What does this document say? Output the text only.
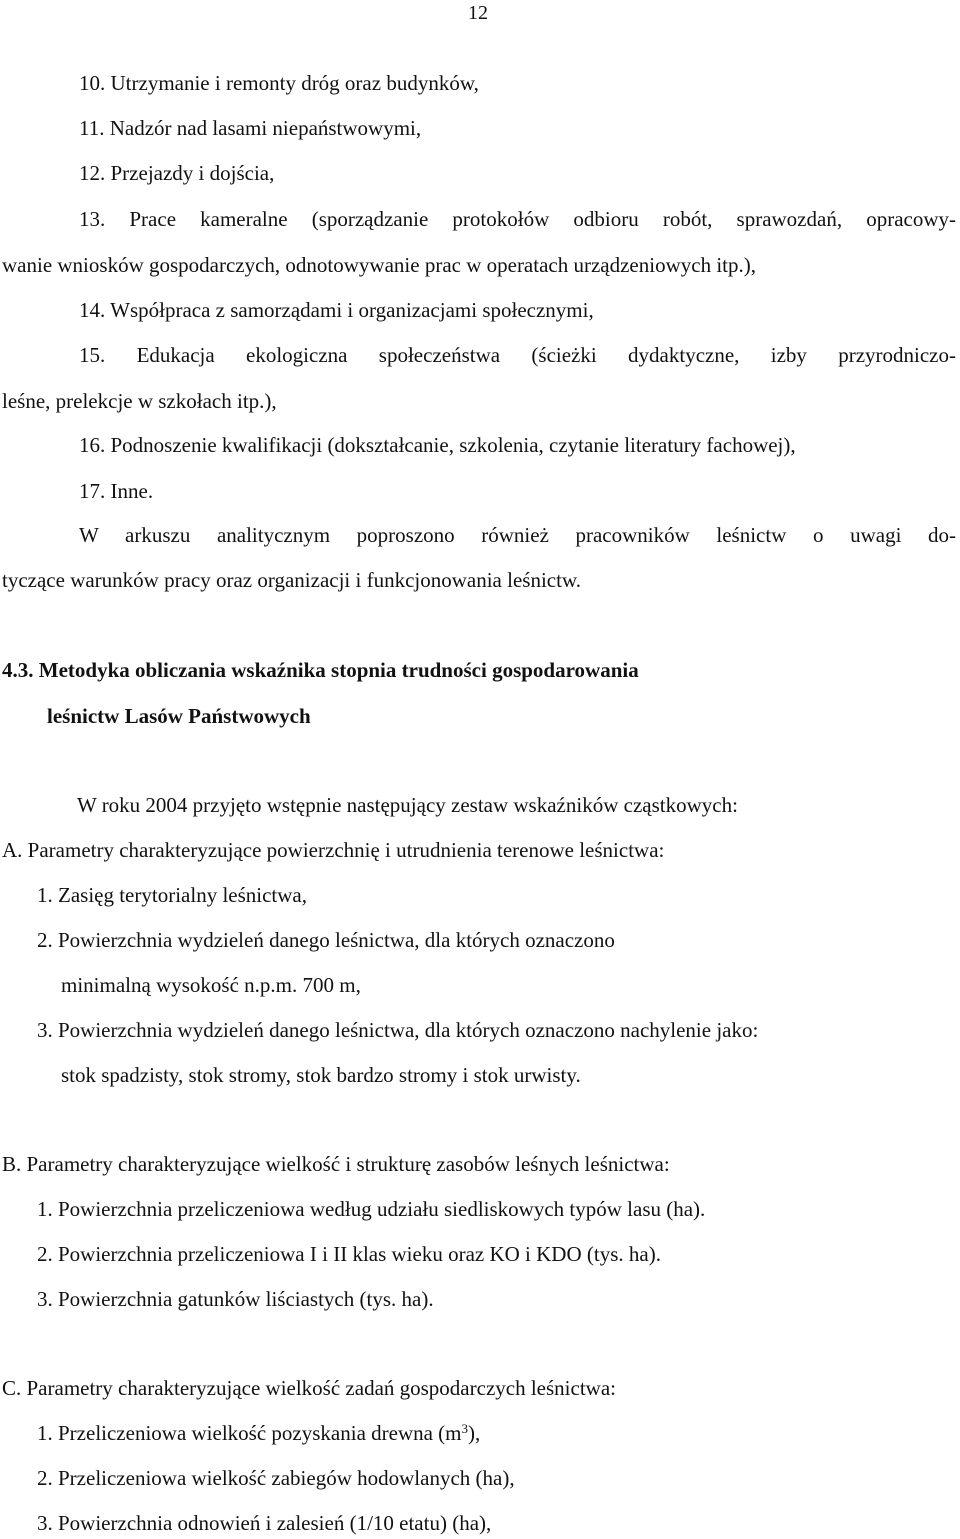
12
10. Utrzymanie i remonty dróg oraz budynków,
11. Nadzór nad lasami niepaństwowymi,
12. Przejazdy i dojścia,
13. Prace kameralne (sporządzanie protokołów odbioru robót, sprawozdań, opracowy-
wanie wniosków gospodarczych, odnotowywanie prac w operatach urządzeniowych itp.),
14. Współpraca z samorządami i organizacjami społecznymi,
15. Edukacja ekologiczna społeczeństwa (ścieżki dydaktyczne, izby przyrodniczo-
leśne, prelekcje w szkołach itp.),
16. Podnoszenie kwalifikacji (dokształcanie, szkolenia, czytanie literatury fachowej),
17. Inne.
W arkuszu analitycznym poproszono również pracowników leśnictw o uwagi do-
tyczące warunków pracy oraz organizacji i funkcjonowania leśnictw.
4.3. Metodyka obliczania wskaźnika stopnia trudności gospodarowania
leśnictw Lasów Państwowych
W roku 2004 przyjęto wstępnie następujący zestaw wskaźników cząstkowych:
A. Parametry charakteryzujące powierzchnię i utrudnienia terenowe leśnictwa:
1. Zasięg terytorialny leśnictwa,
2. Powierzchnia wydzieleń danego leśnictwa, dla których oznaczono
minimalną wysokość n.p.m. 700 m,
3. Powierzchnia wydzieleń danego leśnictwa, dla których oznaczono nachylenie jako:
stok spadzisty, stok stromy, stok bardzo stromy i stok urwisty.
B. Parametry charakteryzujące wielkość i strukturę zasobów leśnych leśnictwa:
1. Powierzchnia przeliczeniowa według udziału siedliskowych typów lasu (ha).
2. Powierzchnia przeliczeniowa I i II klas wieku oraz KO i KDO (tys. ha).
3. Powierzchnia gatunków liściastych (tys. ha).
C. Parametry charakteryzujące wielkość zadań gospodarczych leśnictwa:
1. Przeliczeniowa wielkość pozyskania drewna $(m^3)$,
2. Przeliczeniowa wielkość zabiegów hodowlanych (ha),
3. Powierzchnia odnowień i zalesień (1/10 etatu) (ha),
